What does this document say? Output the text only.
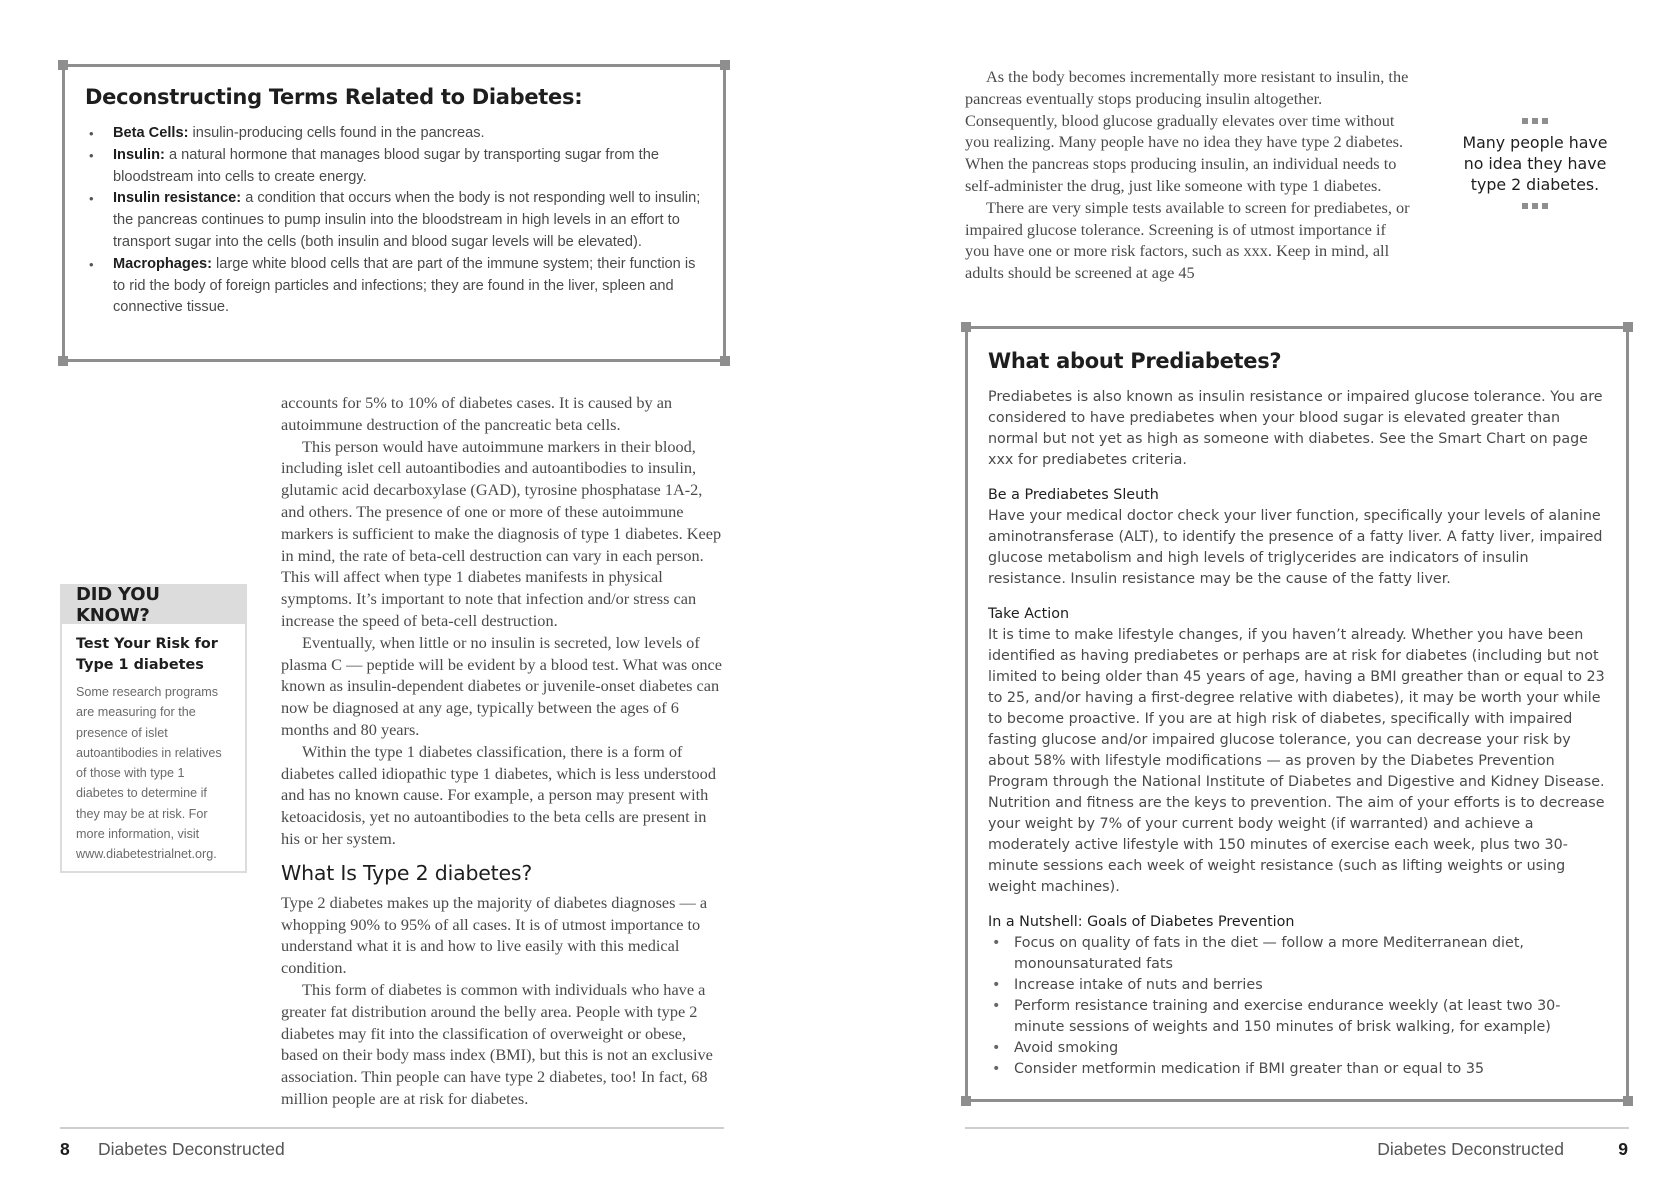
Deconstructing Terms Related to Diabetes:
• Beta Cells: insulin-producing cells found in the pancreas.
• Insulin: a natural hormone that manages blood sugar by transporting sugar from the bloodstream into cells to create energy.
• Insulin resistance: a condition that occurs when the body is not responding well to insulin; the pancreas continues to pump insulin into the bloodstream in high levels in an effort to transport sugar into the cells (both insulin and blood sugar levels will be elevated).
• Macrophages: large white blood cells that are part of the immune system; their function is to rid the body of foreign particles and infections; they are found in the liver, spleen and connective tissue.
DID YOU KNOW?
Test Your Risk for Type 1 diabetes
Some research programs are measuring for the presence of islet autoantibodies in relatives of those with type 1 diabetes to determine if they may be at risk. For more information, visit www.diabetestrialnet.org.

accounts for 5% to 10% of diabetes cases. It is caused by an autoimmune destruction of the pancreatic beta cells.

This person would have autoimmune markers in their blood, including islet cell autoantibodies and autoantibodies to insulin, glutamic acid decarboxylase (GAD), tyrosine phosphatase 1A-2, and others. The presence of one or more of these autoimmune markers is sufficient to make the diagnosis of type 1 diabetes. Keep in mind, the rate of beta-cell destruction can vary in each person. This will affect when type 1 diabetes manifests in physical symptoms. It’s important to note that infection and/or stress can increase the speed of beta-cell destruction.

Eventually, when little or no insulin is secreted, low levels of plasma C — peptide will be evident by a blood test. What was once known as insulin-dependent diabetes or juvenile-onset diabetes can now be diagnosed at any age, typically between the ages of 6 months and 80 years.

Within the type 1 diabetes classification, there is a form of diabetes called idiopathic type 1 diabetes, which is less understood and has no known cause. For example, a person may present with ketoacidosis, yet no autoantibodies to the beta cells are present in his or her system.

What Is Type 2 diabetes?

Type 2 diabetes makes up the majority of diabetes diagnoses — a whopping 90% to 95% of all cases. It is of utmost importance to understand what it is and how to live easily with this medical condition.

This form of diabetes is common with individuals who have a greater fat distribution around the belly area. People with type 2 diabetes may fit into the classification of overweight or obese, based on their body mass index (BMI), but this is not an exclusive association. Thin people can have type 2 diabetes, too! In fact, 68 million people are at risk for diabetes.

As the body becomes incrementally more resistant to insulin, the pancreas eventually stops producing insulin altogether. Consequently, blood glucose gradually elevates over time without you realizing. Many people have no idea they have type 2 diabetes. When the pancreas stops producing insulin, an individual needs to self-administer the drug, just like someone with type 1 diabetes.

There are very simple tests available to screen for prediabetes, or impaired glucose tolerance. Screening is of utmost importance if you have one or more risk factors, such as xxx. Keep in mind, all adults should be screened at age 45

Many people have no idea they have type 2 diabetes.
What about Prediabetes?

Prediabetes is also known as insulin resistance or impaired glucose tolerance. You are considered to have prediabetes when your blood sugar is elevated greater than normal but not yet as high as someone with diabetes. See the Smart Chart on page xxx for prediabetes criteria.

Be a Prediabetes Sleuth

Have your medical doctor check your liver function, specifically your levels of alanine aminotransferase (ALT), to identify the presence of a fatty liver. A fatty liver, impaired glucose metabolism and high levels of triglycerides are indicators of insulin resistance. Insulin resistance may be the cause of the fatty liver.

Take Action

It is time to make lifestyle changes, if you haven’t already. Whether you have been identified as having prediabetes or perhaps are at risk for diabetes (including but not limited to being older than 45 years of age, having a BMI greather than or equal to 23 to 25, and/or having a first-degree relative with diabetes), it may be worth your while to become proactive. If you are at high risk of diabetes, specifically with impaired fasting glucose and/or impaired glucose tolerance, you can decrease your risk by about 58% with lifestyle modifications — as proven by the Diabetes Prevention Program through the National Institute of Diabetes and Digestive and Kidney Disease. Nutrition and fitness are the keys to prevention. The aim of your efforts is to decrease your weight by 7% of your current body weight (if warranted) and achieve a moderately active lifestyle with 150 minutes of exercise each week, plus two 30-minute sessions each week of weight resistance (such as lifting weights or using weight machines).

In a Nutshell: Goals of Diabetes Prevention

• Focus on quality of fats in the diet — follow a more Mediterranean diet, monounsaturated fats
• Increase intake of nuts and berries
• Perform resistance training and exercise endurance weekly (at least two 30-minute sessions of weights and 150 minutes of brisk walking, for example)
• Avoid smoking
• Consider metformin medication if BMI greater than or equal to 35
8 Diabetes Deconstructed	Diabetes Deconstructed	9
